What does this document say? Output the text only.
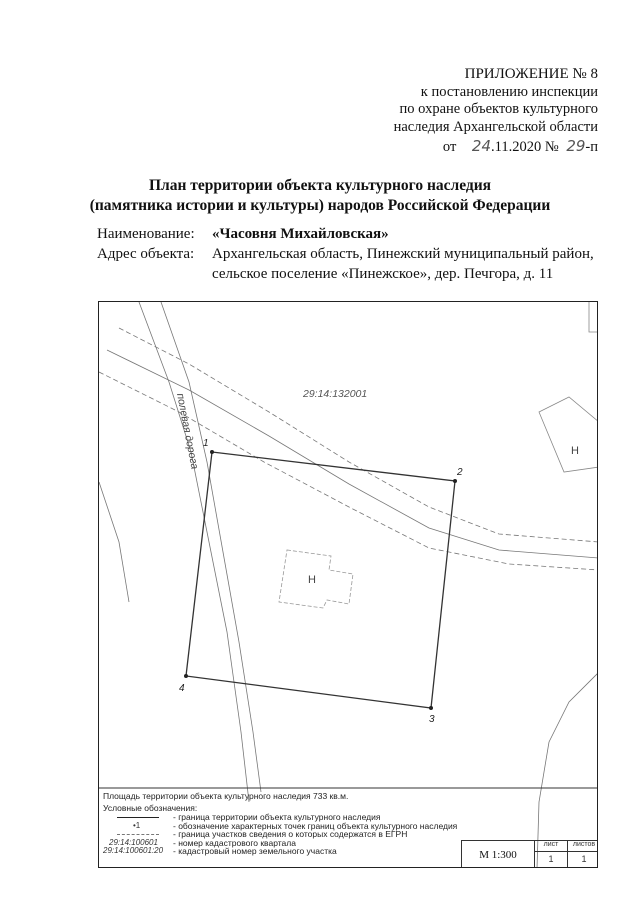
ПРИЛОЖЕНИЕ № 8
к постановлению инспекции
по охране объектов культурного
наследия Архангельской области
от 24.11.2020 № 29-п
План территории объекта культурного наследия
(памятника истории и культуры) народов Российской Федерации
Наименование: «Часовня Михайловская»
Адрес объекта: Архангельская область, Пинежский муниципальный район,
сельское поселение «Пинежское», дер. Печгора, д. 11
Н
Н
29:14:132001
полевая дорога 1
2
3
4
Площадь территории объекта культурного наследия 733 кв.м.
Условные обозначения:
- граница территории объекта культурного наследия
•1	- обозначение характерных точек границ объекта культурного наследия
- граница участков сведения о которых содержатся в ЕГРН
29:14:100601 - номер кадастрового квартала
29:14:100601:20 - кадастровый номер земельного участка	М 1:300
лист	листов
1	1
